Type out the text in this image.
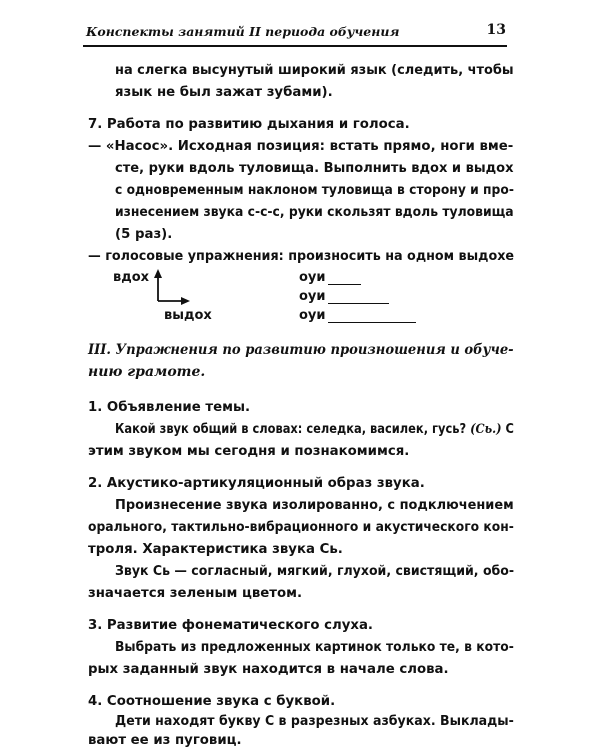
Конспекты занятий II периода обучения	13
на слегка высунутый широкий язык (следить, чтобы
язык не был зажат зубами).
7. Работа по развитию дыхания и голоса.
— «Насос». Исходная позиция: встать прямо, ноги вме-
сте, руки вдоль туловища. Выполнить вдох и выдох
с одновременным наклоном туловища в сторону и про-
изнесением звука с-с-с, руки скользят вдоль туловища
(5 раз).
— голосовые упражнения: произносить на одном выдохе
вдох
выдох
оуи
оуи
оуи
III. Упражнения по развитию произношения и обуче-
нию грамоте.
1. Объявление темы.
Какой звук общий в словах: селедка, василек, гусь? (Сь.) С
этим звуком мы сегодня и познакомимся.
2. Акустико-артикуляционный образ звука.
Произнесение звука изолированно, с подключением
орального, тактильно-вибрационного и акустического кон-
троля. Характеристика звука Сь.
Звук Сь — согласный, мягкий, глухой, свистящий, обо-
значается зеленым цветом.
3. Развитие фонематического слуха.
Выбрать из предложенных картинок только те, в кото-
рых заданный звук находится в начале слова.
4. Соотношение звука с буквой.
Дети находят букву С в разрезных азбуках. Выклады-
вают ее из пуговиц.
